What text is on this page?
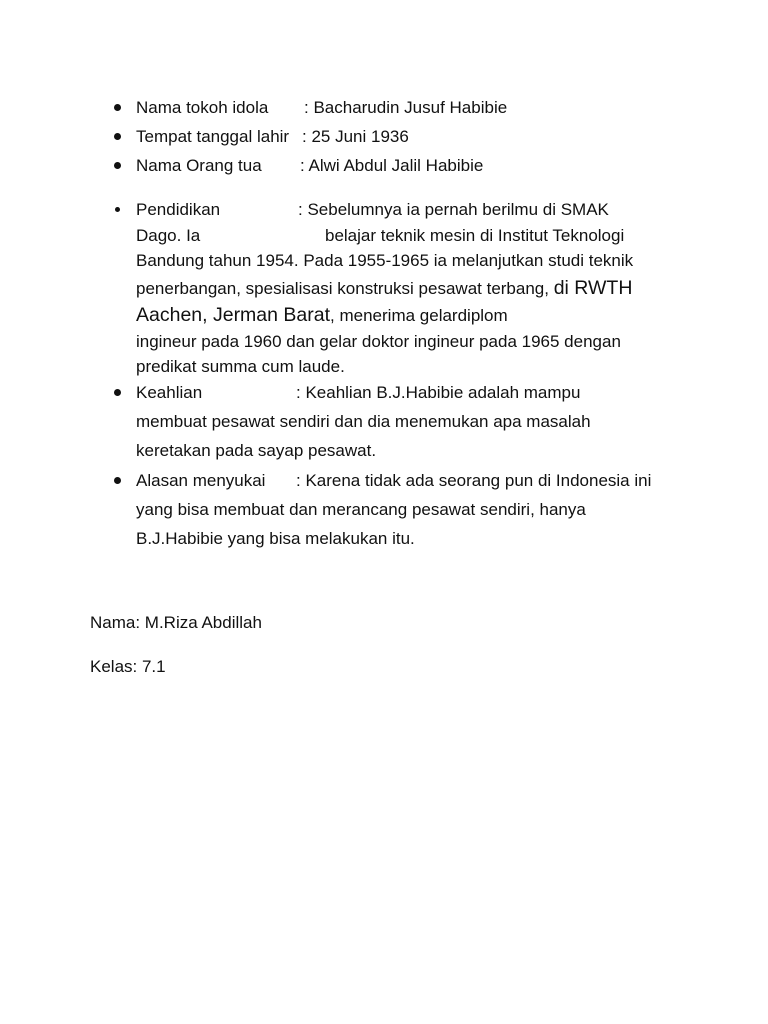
Nama tokoh idola : Bacharudin Jusuf Habibie
Tempat tanggal lahir : 25 Juni 1936
Nama Orang tua : Alwi Abdul Jalil Habibie
Pendidikan	: Sebelumnya ia pernah berilmu di SMAK
Dago. Ia	belajar teknik mesin di Institut Teknologi
Bandung tahun 1954. Pada 1955-1965 ia melanjutkan studi teknik
penerbangan, spesialisasi konstruksi pesawat terbang, di RWTH
Aachen, Jerman Barat, menerima gelardiplom
ingineur pada 1960 dan gelar doktor ingineur pada 1965 dengan
predikat summa cum laude.
Keahlian	: Keahlian B.J.Habibie adalah mampu
membuat pesawat sendiri dan dia menemukan apa masalah
keretakan pada sayap pesawat.
Alasan menyukai : Karena tidak ada seorang pun di Indonesia ini
yang bisa membuat dan merancang pesawat sendiri, hanya
B.J.Habibie yang bisa melakukan itu.
Nama: M.Riza Abdillah
Kelas: 7.1
